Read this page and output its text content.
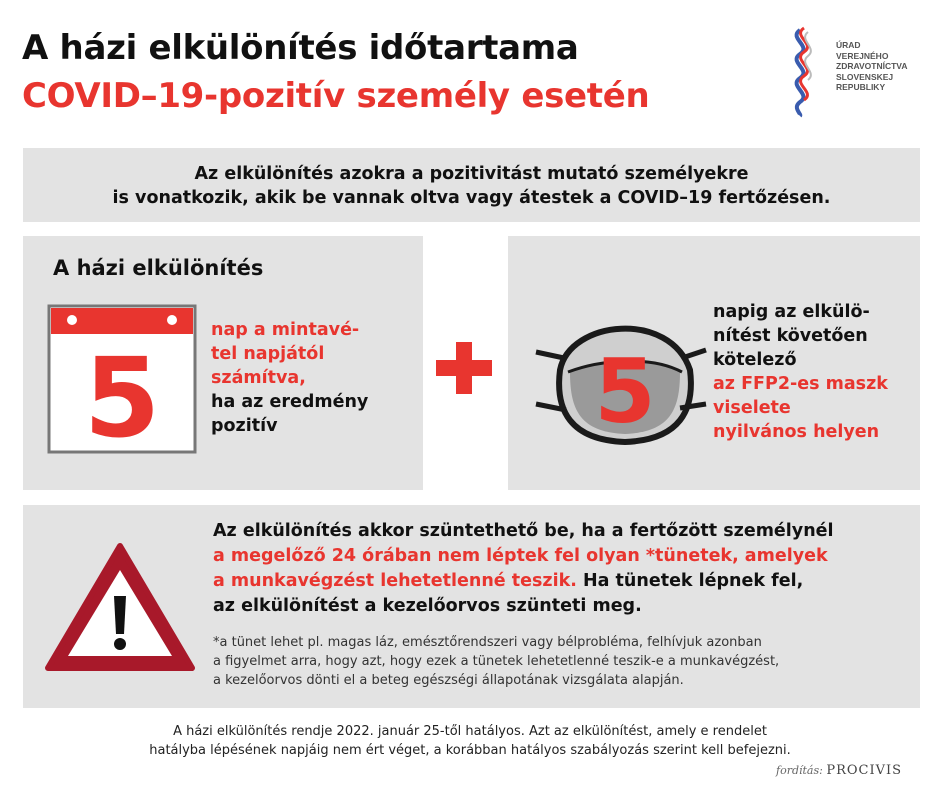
A házi elkülönítés időtartama
COVID–19-pozitív személy esetén
ÚRAD
VEREJNÉHO
ZDRAVOTNÍCTVA
SLOVENSKEJ
REPUBLIKY
Az elkülönítés azokra a pozitivitást mutató személyekre
is vonatkozik, akik be vannak oltva vagy átestek a COVID–19 fertőzésen.
A házi elkülönítés
5
nap a mintavé-
tel napjától
számítva,
ha az eredmény
pozitív
napig az elkülö-
nítést követően
kötelező
az FFP2-es maszk
viselete
nyilvános helyen
5
Az elkülönítés akkor szüntethető be, ha a fertőzött személynél
a megelőző 24 órában nem léptek fel olyan *tünetek, amelyek
a munkavégzést lehetetlenné teszik. Ha tünetek lépnek fel,
az elkülönítést a kezelőorvos szünteti meg.
*a tünet lehet pl. magas láz, emésztőrendszeri vagy bélprobléma, felhívjuk azonban
a figyelmet arra, hogy azt, hogy ezek a tünetek lehetetlenné teszik-e a munkavégzést,
a kezelőorvos dönti el a beteg egészségi állapotának vizsgálata alapján.
A házi elkülönítés rendje 2022. január 25-től hatályos. Azt az elkülönítést, amely e rendelet
hatályba lépésének napjáig nem ért véget, a korábban hatályos szabályozás szerint kell befejezni.
fordítás: PROCIVIS
